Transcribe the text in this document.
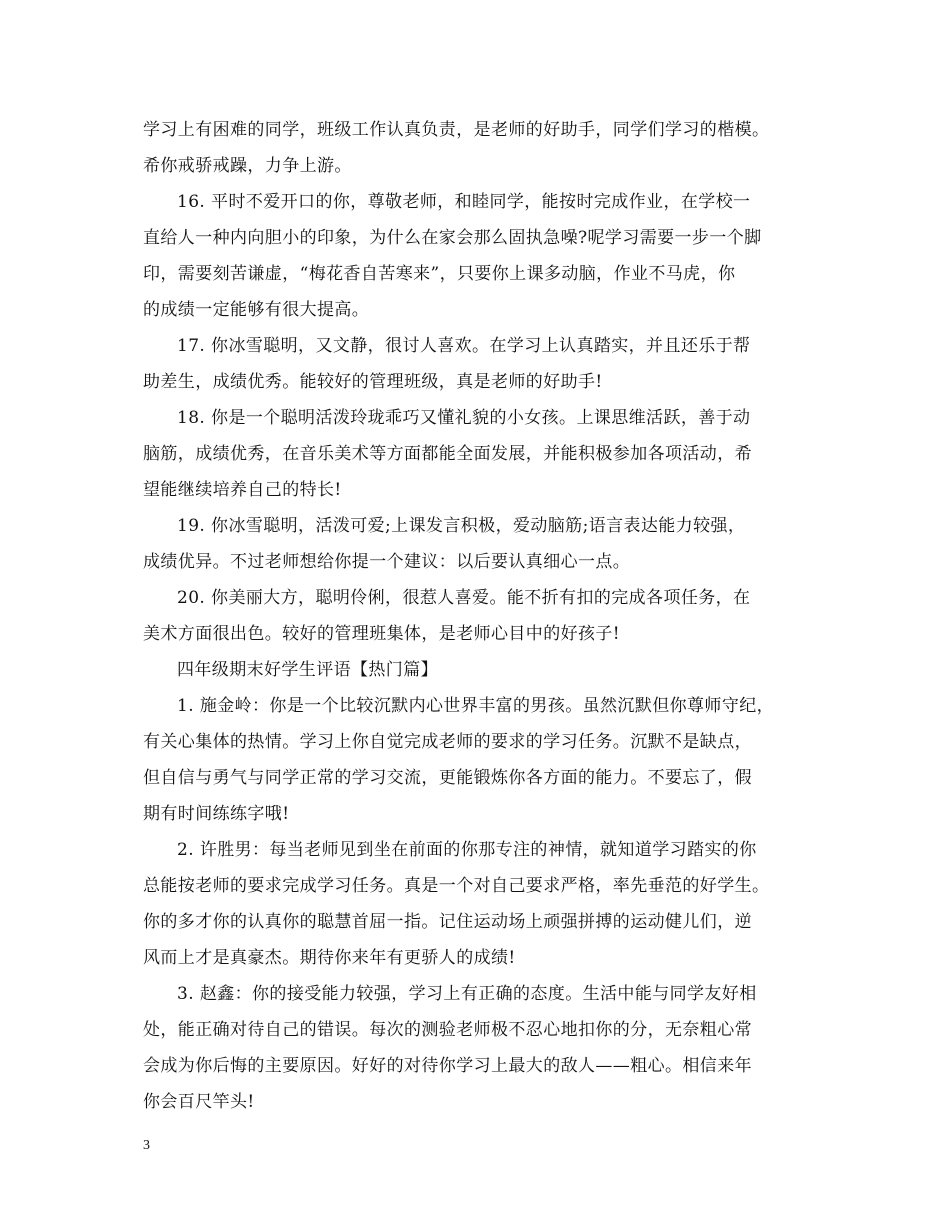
学习上有困难的同学，班级工作认真负责，是老师的好助手，同学们学习的楷模。
希你戒骄戒躁，力争上游。
16. 平时不爱开口的你，尊敬老师，和睦同学，能按时完成作业，在学校一
直给人一种内向胆小的印象，为什么在家会那么固执急噪?呢学习需要一步一个脚
印，需要刻苦谦虚，“梅花香自苦寒来”，只要你上课多动脑，作业不马虎，你
的成绩一定能够有很大提高。
17. 你冰雪聪明，又文静，很讨人喜欢。在学习上认真踏实，并且还乐于帮
助差生，成绩优秀。能较好的管理班级，真是老师的好助手!
18. 你是一个聪明活泼玲珑乖巧又懂礼貌的小女孩。上课思维活跃，善于动
脑筋，成绩优秀，在音乐美术等方面都能全面发展，并能积极参加各项活动，希
望能继续培养自己的特长!
19. 你冰雪聪明，活泼可爱;上课发言积极，爱动脑筋;语言表达能力较强，
成绩优异。不过老师想给你提一个建议：以后要认真细心一点。
20. 你美丽大方，聪明伶俐，很惹人喜爱。能不折有扣的完成各项任务，在
美术方面很出色。较好的管理班集体，是老师心目中的好孩子!
四年级期末好学生评语【热门篇】
1. 施金岭：你是一个比较沉默内心世界丰富的男孩。虽然沉默但你尊师守纪，
有关心集体的热情。学习上你自觉完成老师的要求的学习任务。沉默不是缺点，
但自信与勇气与同学正常的学习交流，更能锻炼你各方面的能力。不要忘了，假
期有时间练练字哦!
2. 许胜男：每当老师见到坐在前面的你那专注的神情，就知道学习踏实的你
总能按老师的要求完成学习任务。真是一个对自己要求严格，率先垂范的好学生。
你的多才你的认真你的聪慧首屈一指。记住运动场上顽强拼搏的运动健儿们，逆
风而上才是真豪杰。期待你来年有更骄人的成绩!
3. 赵鑫：你的接受能力较强，学习上有正确的态度。生活中能与同学友好相
处，能正确对待自己的错误。每次的测验老师极不忍心地扣你的分，无奈粗心常
会成为你后悔的主要原因。好好的对待你学习上最大的敌人——粗心。相信来年
你会百尺竿头!
3
